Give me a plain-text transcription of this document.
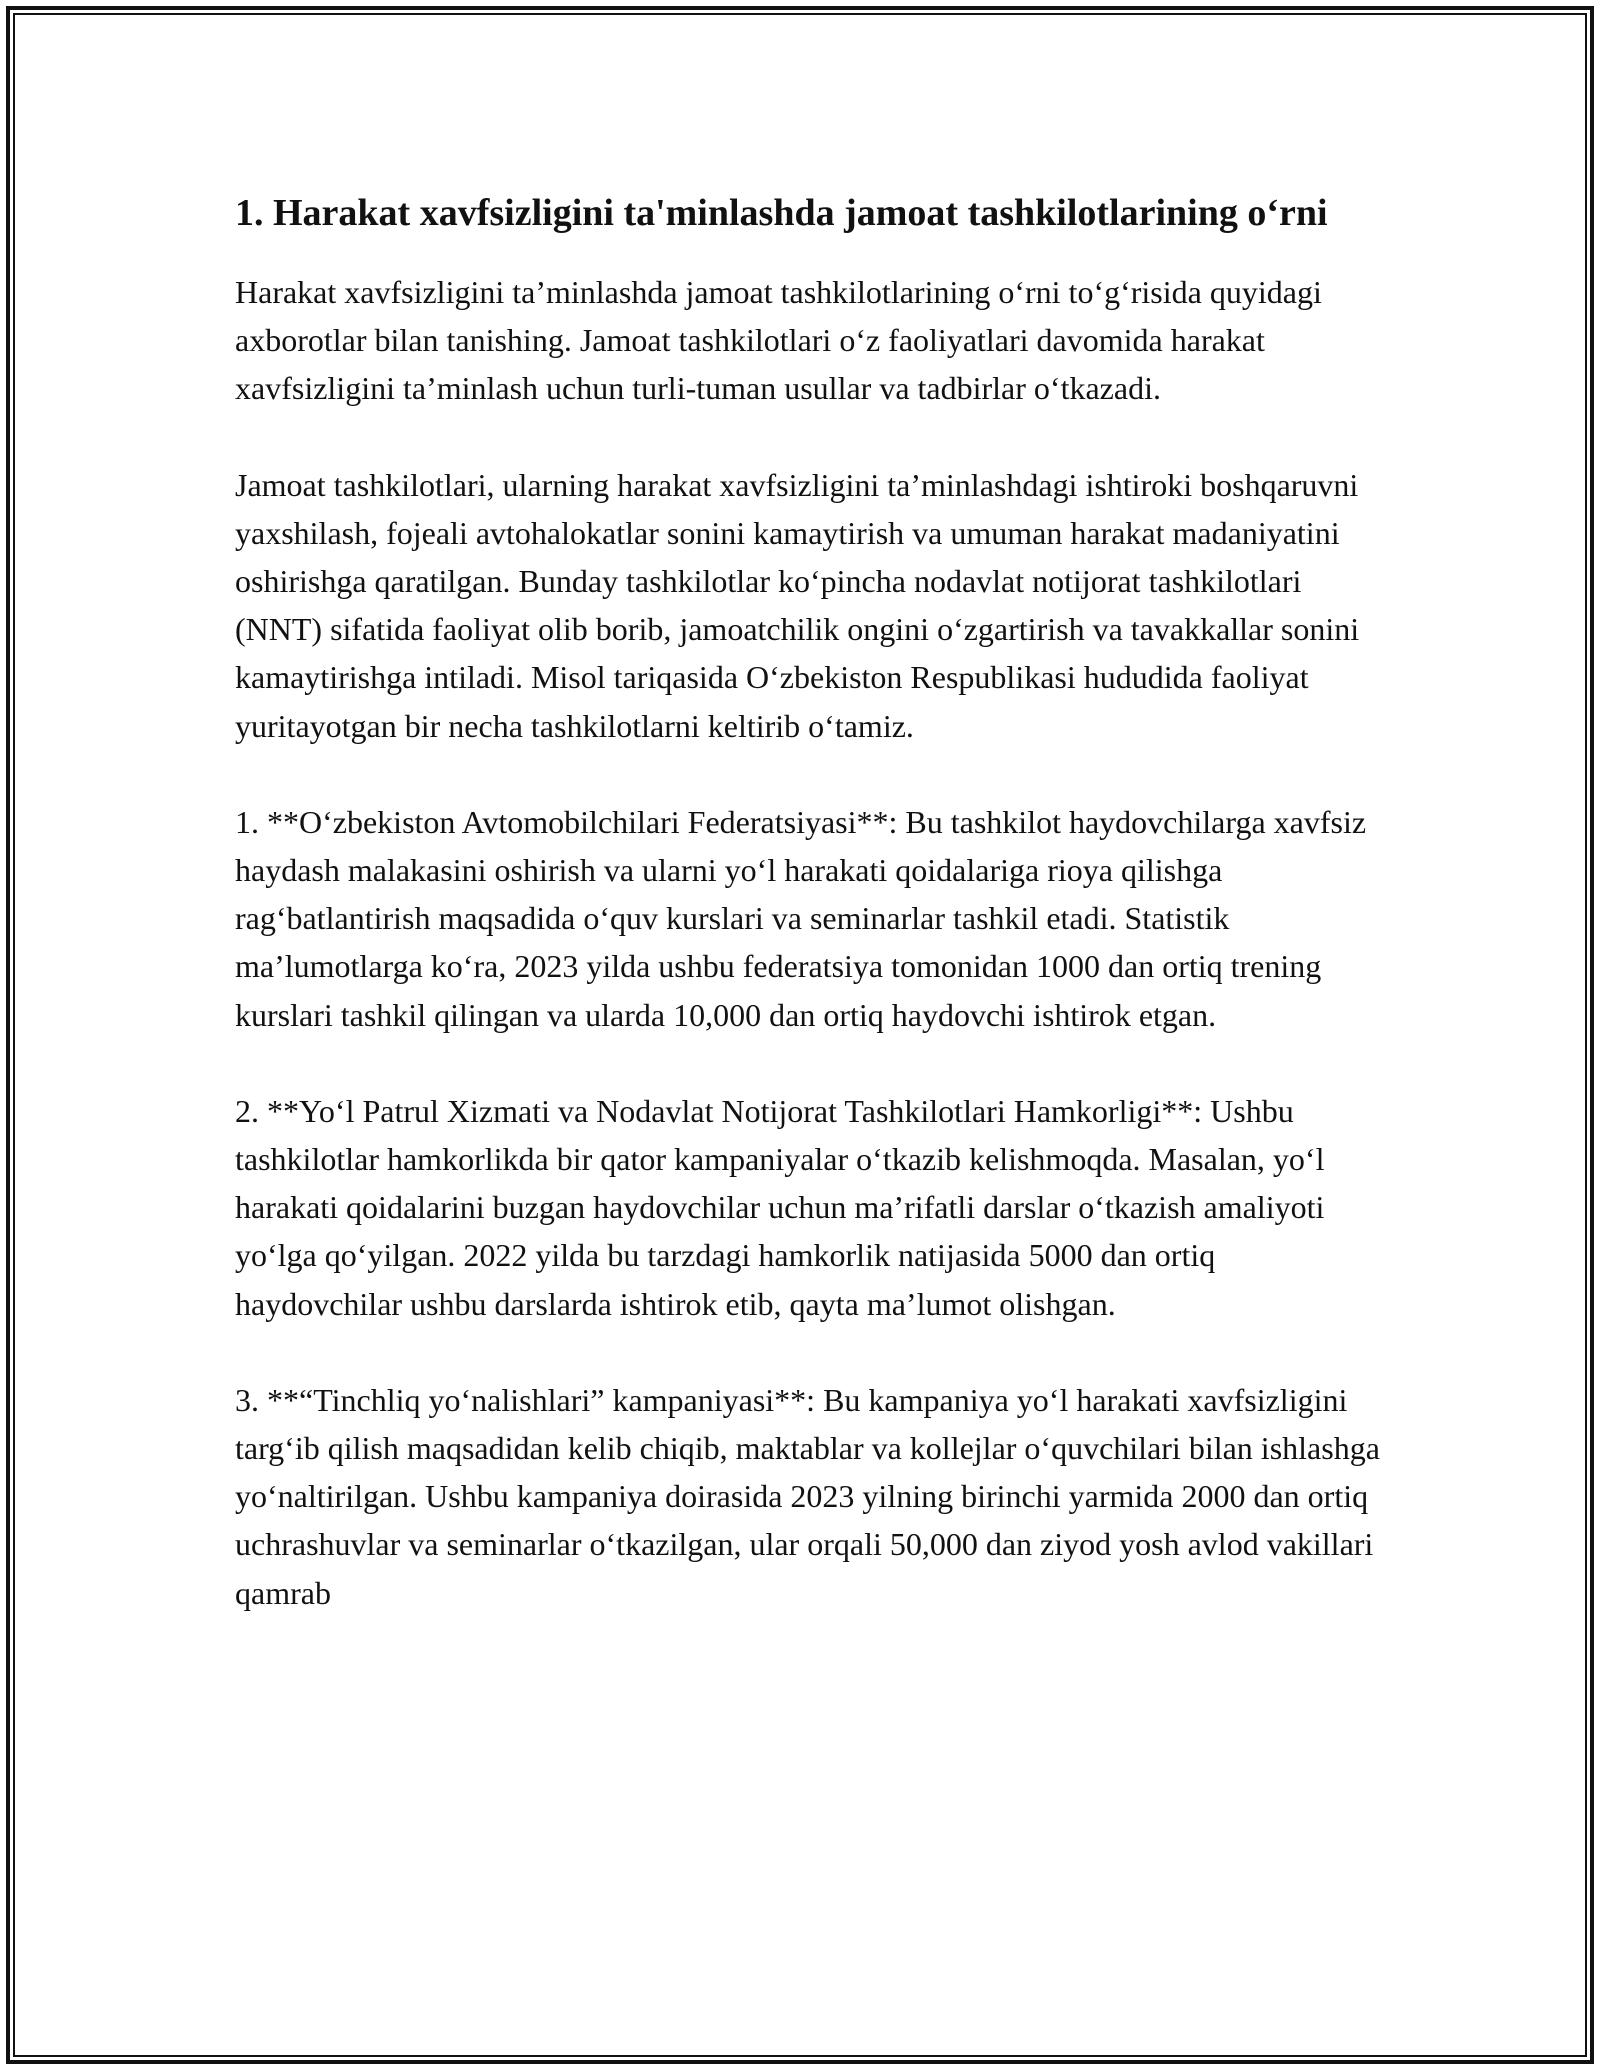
1. Harakat xavfsizligini ta'minlashda jamoat tashkilotlarining o‘rni

Harakat xavfsizligini ta’minlashda jamoat tashkilotlarining o‘rni to‘g‘risida quyidagi axborotlar bilan tanishing. Jamoat tashkilotlari o‘z faoliyatlari davomida harakat xavfsizligini ta’minlash uchun turli-tuman usullar va tadbirlar o‘tkazadi.

Jamoat tashkilotlari, ularning harakat xavfsizligini ta’minlashdagi ishtiroki boshqaruvni yaxshilash, fojeali avtohalokatlar sonini kamaytirish va umuman harakat madaniyatini oshirishga qaratilgan. Bunday tashkilotlar ko‘pincha nodavlat notijorat tashkilotlari (NNT) sifatida faoliyat olib borib, jamoatchilik ongini o‘zgartirish va tavakkallar sonini kamaytirishga intiladi. Misol tariqasida O‘zbekiston Respublikasi hududida faoliyat yuritayotgan bir necha tashkilotlarni keltirib o‘tamiz.

1. **O‘zbekiston Avtomobilchilari Federatsiyasi**: Bu tashkilot haydovchilarga xavfsiz haydash malakasini oshirish va ularni yo‘l harakati qoidalariga rioya qilishga rag‘batlantirish maqsadida o‘quv kurslari va seminarlar tashkil etadi. Statistik ma’lumotlarga ko‘ra, 2023 yilda ushbu federatsiya tomonidan 1000 dan ortiq trening kurslari tashkil qilingan va ularda 10,000 dan ortiq haydovchi ishtirok etgan.

2. **Yo‘l Patrul Xizmati va Nodavlat Notijorat Tashkilotlari Hamkorligi**: Ushbu tashkilotlar hamkorlikda bir qator kampaniyalar o‘tkazib kelishmoqda. Masalan, yo‘l harakati qoidalarini buzgan haydovchilar uchun ma’rifatli darslar o‘tkazish amaliyoti yo‘lga qo‘yilgan. 2022 yilda bu tarzdagi hamkorlik natijasida 5000 dan ortiq haydovchilar ushbu darslarda ishtirok etib, qayta ma’lumot olishgan.

3. **“Tinchliq yo‘nalishlari” kampaniyasi**: Bu kampaniya yo‘l harakati xavfsizligini targ‘ib qilish maqsadidan kelib chiqib, maktablar va kollejlar o‘quvchilari bilan ishlashga yo‘naltirilgan. Ushbu kampaniya doirasida 2023 yilning birinchi yarmida 2000 dan ortiq uchrashuvlar va seminarlar o‘tkazilgan, ular orqali 50,000 dan ziyod yosh avlod vakillari qamrab
